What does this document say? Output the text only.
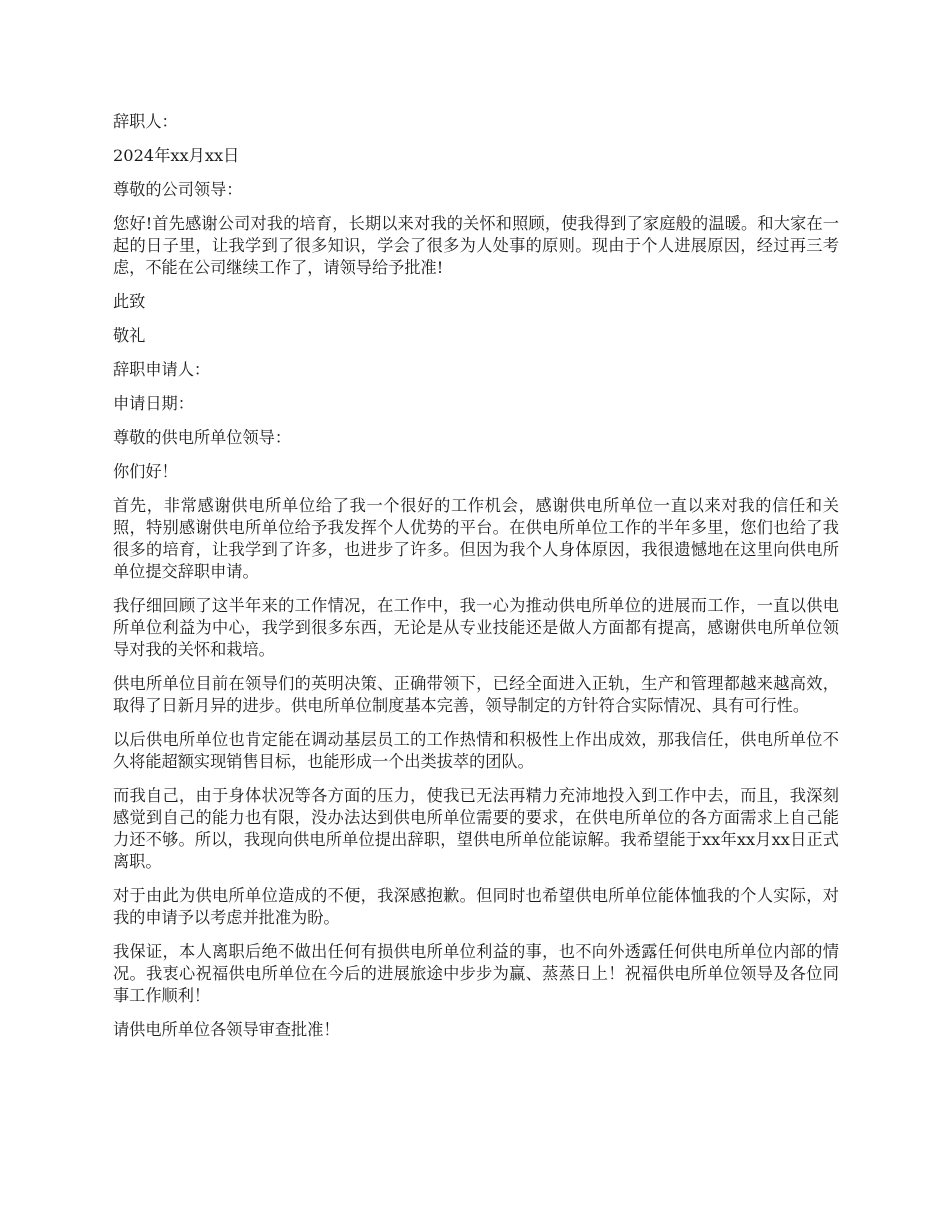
辞职人：

2024年xx月xx日

尊敬的公司领导：

您好!首先感谢公司对我的培育，长期以来对我的关怀和照顾，使我得到了家庭般的温暖。和大家在一起的日子里，让我学到了很多知识，学会了很多为人处事的原则。现由于个人进展原因，经过再三考虑，不能在公司继续工作了，请领导给予批准!

此致

敬礼

辞职申请人：

申请日期：

尊敬的供电所单位领导：

你们好！

首先，非常感谢供电所单位给了我一个很好的工作机会，感谢供电所单位一直以来对我的信任和关照，特别感谢供电所单位给予我发挥个人优势的平台。在供电所单位工作的半年多里，您们也给了我很多的培育，让我学到了许多，也进步了许多。但因为我个人身体原因，我很遗憾地在这里向供电所单位提交辞职申请。

我仔细回顾了这半年来的工作情况，在工作中，我一心为推动供电所单位的进展而工作，一直以供电所单位利益为中心，我学到很多东西，无论是从专业技能还是做人方面都有提高，感谢供电所单位领导对我的关怀和栽培。

供电所单位目前在领导们的英明决策、正确带领下，已经全面进入正轨，生产和管理都越来越高效，取得了日新月异的进步。供电所单位制度基本完善，领导制定的方针符合实际情况、具有可行性。

以后供电所单位也肯定能在调动基层员工的工作热情和积极性上作出成效，那我信任，供电所单位不久将能超额实现销售目标，也能形成一个出类拔萃的团队。

而我自己，由于身体状况等各方面的压力，使我已无法再精力充沛地投入到工作中去，而且，我深刻感觉到自己的能力也有限，没办法达到供电所单位需要的要求，在供电所单位的各方面需求上自己能力还不够。所以，我现向供电所单位提出辞职，望供电所单位能谅解。我希望能于xx年xx月xx日正式离职。

对于由此为供电所单位造成的不便，我深感抱歉。但同时也希望供电所单位能体恤我的个人实际，对我的申请予以考虑并批准为盼。

我保证，本人离职后绝不做出任何有损供电所单位利益的事，也不向外透露任何供电所单位内部的情况。我衷心祝福供电所单位在今后的进展旅途中步步为赢、蒸蒸日上！祝福供电所单位领导及各位同事工作顺利！

请供电所单位各领导审查批准！
